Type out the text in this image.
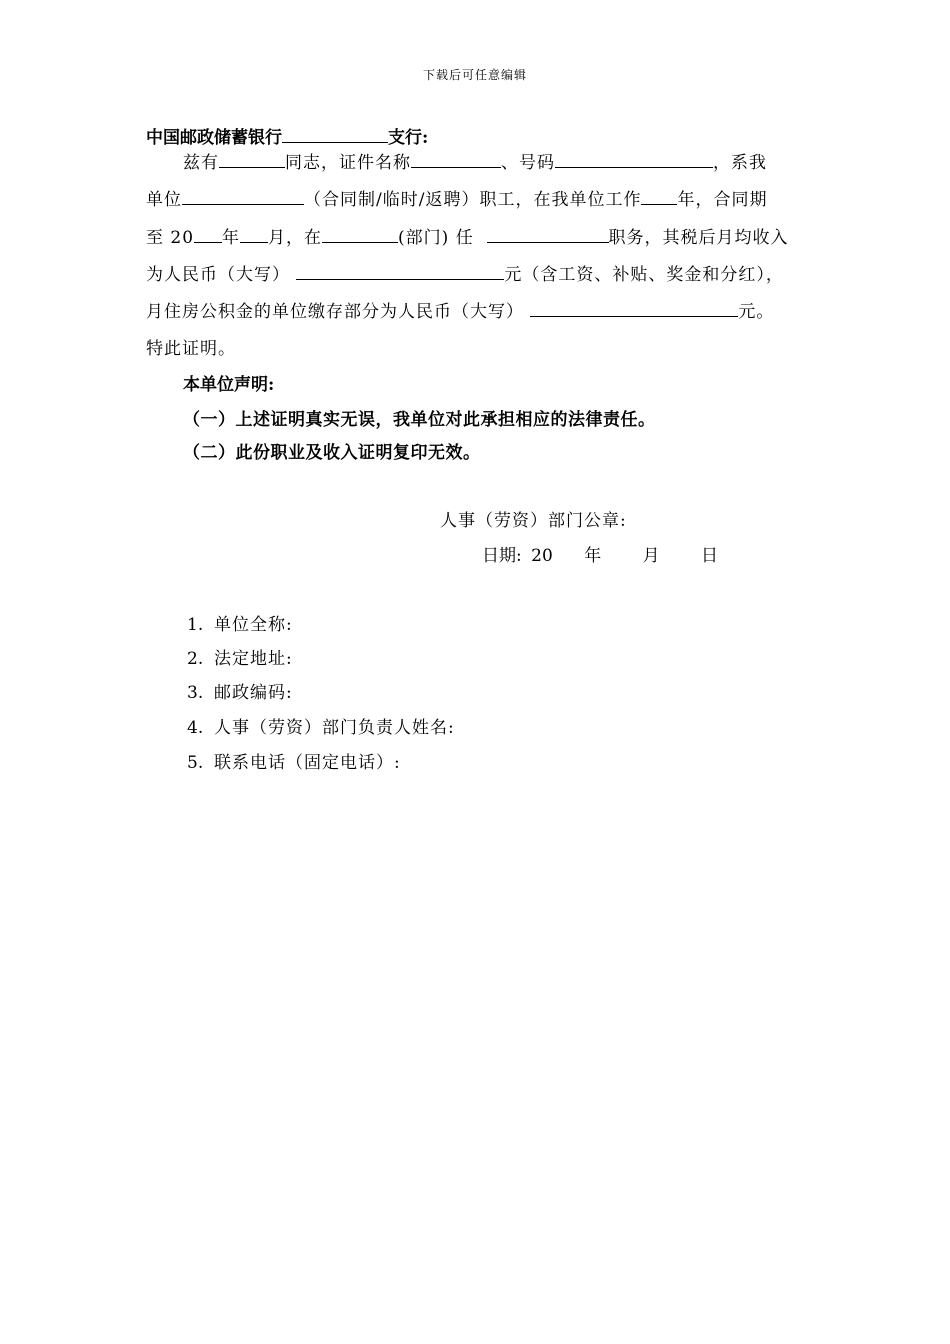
下载后可任意编辑
中国邮政储蓄银行	支行:
兹有	同志，证件名称	、号码	，系我
单位	（合同制/临时/返聘）职工，在我单位工作 年，合同期
至 20 年 月，在	(部门) 任	职务，其税后月均收入
为人民币（大写）	元（含工资、补贴、奖金和分红），
月住房公积金的单位缴存部分为人民币（大写）	元。
特此证明。
本单位声明:
（一）上述证明真实无误，我单位对此承担相应的法律责任。
（二）此份职业及收入证明复印无效。
人事（劳资）部门公章:
日期: 20 年 月 日
1. 单位全称:
2. 法定地址:
3. 邮政编码:
4. 人事（劳资）部门负责人姓名:
5. 联系电话（固定电话）:
